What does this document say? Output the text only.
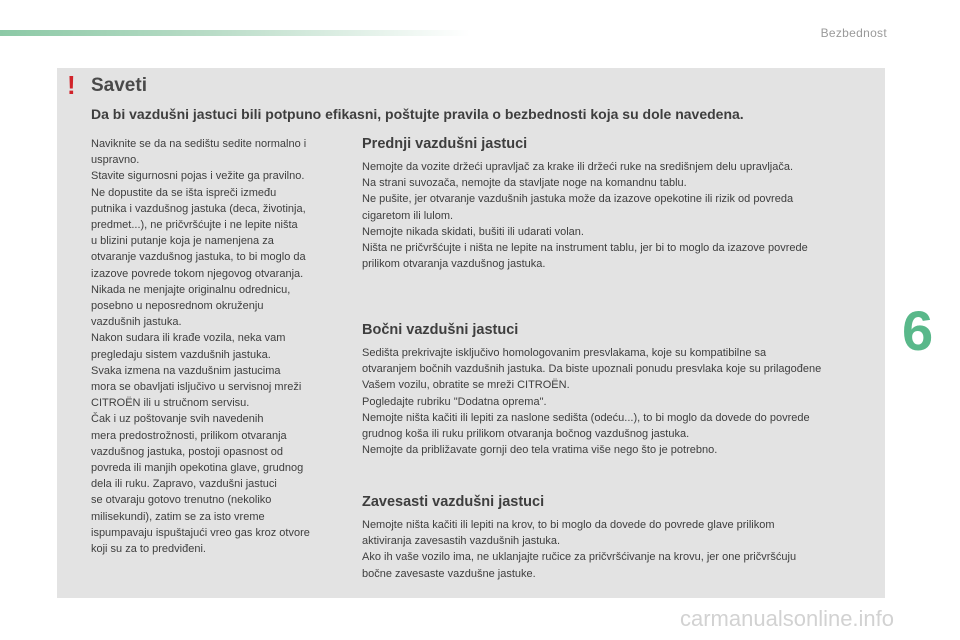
Bezbednost
! Saveti
Da bi vazdušni jastuci bili potpuno efikasni, poštujte pravila o bezbednosti koja su dole navedena.

Naviknite se da na sedištu sedite normalno i

uspravno.

Stavite sigurnosni pojas i vežite ga pravilno.

Ne dopustite da se išta ispreči između

putnika i vazdušnog jastuka (deca, životinja,

predmet...), ne pričvršćujte i ne lepite ništa

u blizini putanje koja je namenjena za

otvaranje vazdušnog jastuka, to bi moglo da

izazove povrede tokom njegovog otvaranja.

Nikada ne menjajte originalnu odrednicu,

posebno u neposrednom okruženju

vazdušnih jastuka.

Nakon sudara ili krađe vozila, neka vam

pregledaju sistem vazdušnih jastuka.

Svaka izmena na vazdušnim jastucima

mora se obavljati isljučivo u servisnoj mreži

CITROËN ili u stručnom servisu.

Čak i uz poštovanje svih navedenih

mera predostrožnosti, prilikom otvaranja

vazdušnog jastuka, postoji opasnost od

povreda ili manjih opekotina glave, grudnog

dela ili ruku. Zapravo, vazdušni jastuci

se otvaraju gotovo trenutno (nekoliko

milisekundi), zatim se za isto vreme

ispumpavaju ispuštajući vreo gas kroz otvore

koji su za to predviđeni.

Prednji vazdušni jastuci

Nemojte da vozite držeći upravljač za krake ili držeći ruke na središnjem delu upravljača.

Na strani suvozača, nemojte da stavljate noge na komandnu tablu.

Ne pušite, jer otvaranje vazdušnih jastuka može da izazove opekotine ili rizik od povreda

cigaretom ili lulom.

Nemojte nikada skidati, bušiti ili udarati volan.

Ništa ne pričvršćujte i ništa ne lepite na instrument tablu, jer bi to moglo da izazove povrede

prilikom otvaranja vazdušnog jastuka.

Bočni vazdušni jastuci

Sedišta prekrivajte isključivo homologovanim presvlakama, koje su kompatibilne sa

otvaranjem bočnih vazdušnih jastuka. Da biste upoznali ponudu presvlaka koje su prilagođene

Vašem vozilu, obratite se mreži CITROËN.

Pogledajte rubriku "Dodatna oprema".

Nemojte ništa kačiti ili lepiti za naslone sedišta (odeću...), to bi moglo da dovede do povrede

grudnog koša ili ruku prilikom otvaranja bočnog vazdušnog jastuka.

Nemojte da približavate gornji deo tela vratima više nego što je potrebno.

Zavesasti vazdušni jastuci

Nemojte ništa kačiti ili lepiti na krov, to bi moglo da dovede do povrede glave prilikom

aktiviranja zavesastih vazdušnih jastuka.

Ako ih vaše vozilo ima, ne uklanjajte ručice za pričvršćivanje na krovu, jer one pričvršćuju

bočne zavesaste vazdušne jastuke.

6
carmanualsonline.info
